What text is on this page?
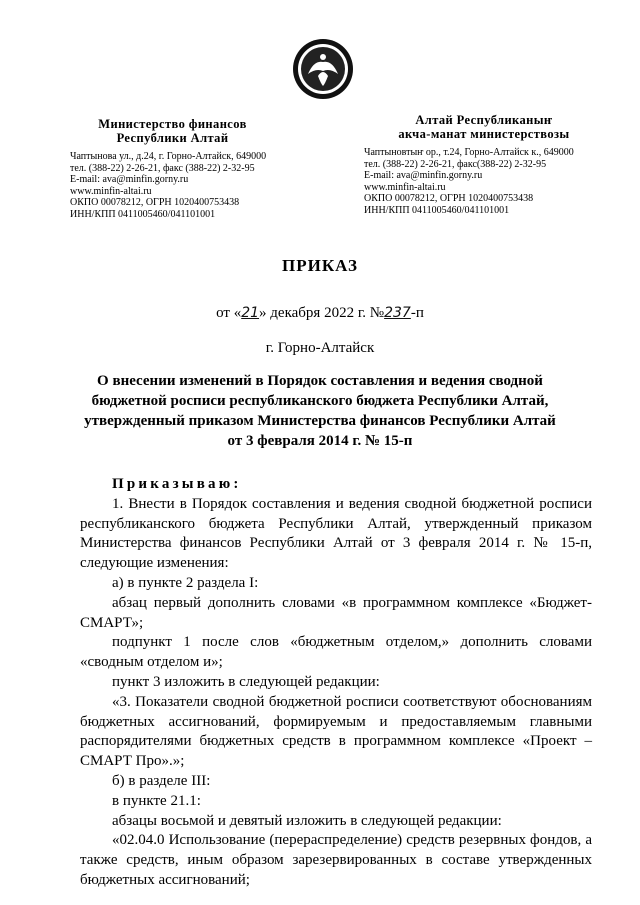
Министерство финансов
Республики Алтай
Чаптынова ул., д.24, г. Горно-Алтайск, 649000
тел. (388-22) 2-26-21, факс (388-22) 2-32-95
E-mail: ava@minfin.gorny.ru
www.minfin-altai.ru
ОКПО 00078212, ОГРН 1020400753438
ИНН/КПП 0411005460/041101001
Алтай Республиканыҥ
акча-манат министерствозы
Чаптыновтыҥ ор., т.24, Горно-Алтайск к., 649000
тел. (388-22) 2-26-21, факс(388-22) 2-32-95
E-mail: ava@minfin.gorny.ru
www.minfin-altai.ru
ОКПО 00078212, ОГРН 1020400753438
ИНН/КПП 0411005460/041101001
ПРИКАЗ
от «21» декабря 2022 г. №237-п
г. Горно-Алтайск
О внесении изменений в Порядок составления и ведения сводной
бюджетной росписи республиканского бюджета Республики Алтай,
утвержденный приказом Министерства финансов Республики Алтай
от 3 февраля 2014 г. № 15-п

Приказываю:

1. Внести в Порядок составления и ведения сводной бюджетной росписи республиканского бюджета Республики Алтай, утвержденный приказом Министерства финансов Республики Алтай от 3 февраля 2014 г. № 15-п, следующие изменения:

а) в пункте 2 раздела I:

абзац первый дополнить словами «в программном комплексе «Бюджет-СМАРТ»;

подпункт 1 после слов «бюджетным отделом,» дополнить словами «сводным отделом и»;

пункт 3 изложить в следующей редакции:

«3. Показатели сводной бюджетной росписи соответствуют обоснованиям бюджетных ассигнований, формируемым и предоставляемым главными распорядителями бюджетных средств в программном комплексе «Проект – СМАРТ Про».»;

б) в разделе III:

в пункте 21.1:

абзацы восьмой и девятый изложить в следующей редакции:

«02.04.0 Использование (перераспределение) средств резервных фондов, а также средств, иным образом зарезервированных в составе утвержденных бюджетных ассигнований;
